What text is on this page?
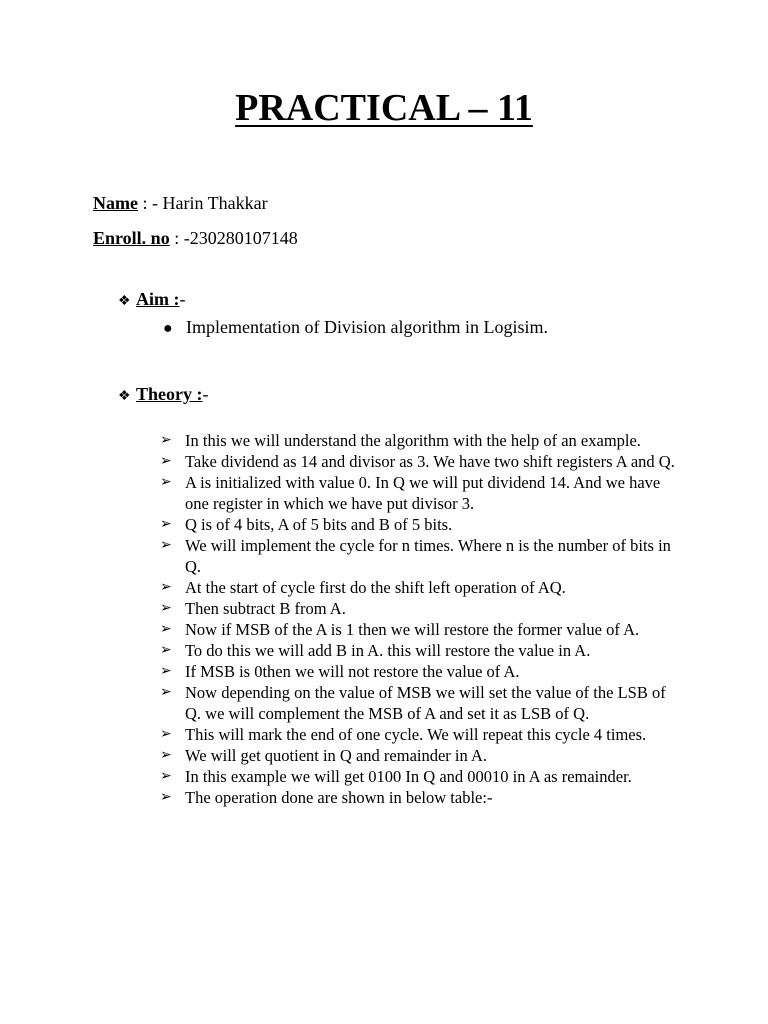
PRACTICAL – 11
Name : - Harin Thakkar
Enroll. no : -230280107148
❖ Aim :-
● Implementation of Division algorithm in Logisim.
❖ Theory :-
➢ In this we will understand the algorithm with the help of an example.
➢ Take dividend as 14 and divisor as 3. We have two shift registers A and Q.
➢ A is initialized with value 0. In Q we will put dividend 14. And we have one register in which we have put divisor 3.
➢ Q is of 4 bits, A of 5 bits and B of 5 bits.
➢ We will implement the cycle for n times. Where n is the number of bits in Q.
➢ At the start of cycle first do the shift left operation of AQ.
➢ Then subtract B from A.
➢ Now if MSB of the A is 1 then we will restore the former value of A.
➢ To do this we will add B in A. this will restore the value in A.
➢ If MSB is 0then we will not restore the value of A.
➢ Now depending on the value of MSB we will set the value of the LSB of Q. we will complement the MSB of A and set it as LSB of Q.
➢ This will mark the end of one cycle. We will repeat this cycle 4 times.
➢ We will get quotient in Q and remainder in A.
➢ In this example we will get 0100 In Q and 00010 in A as remainder.
➢ The operation done are shown in below table:-
